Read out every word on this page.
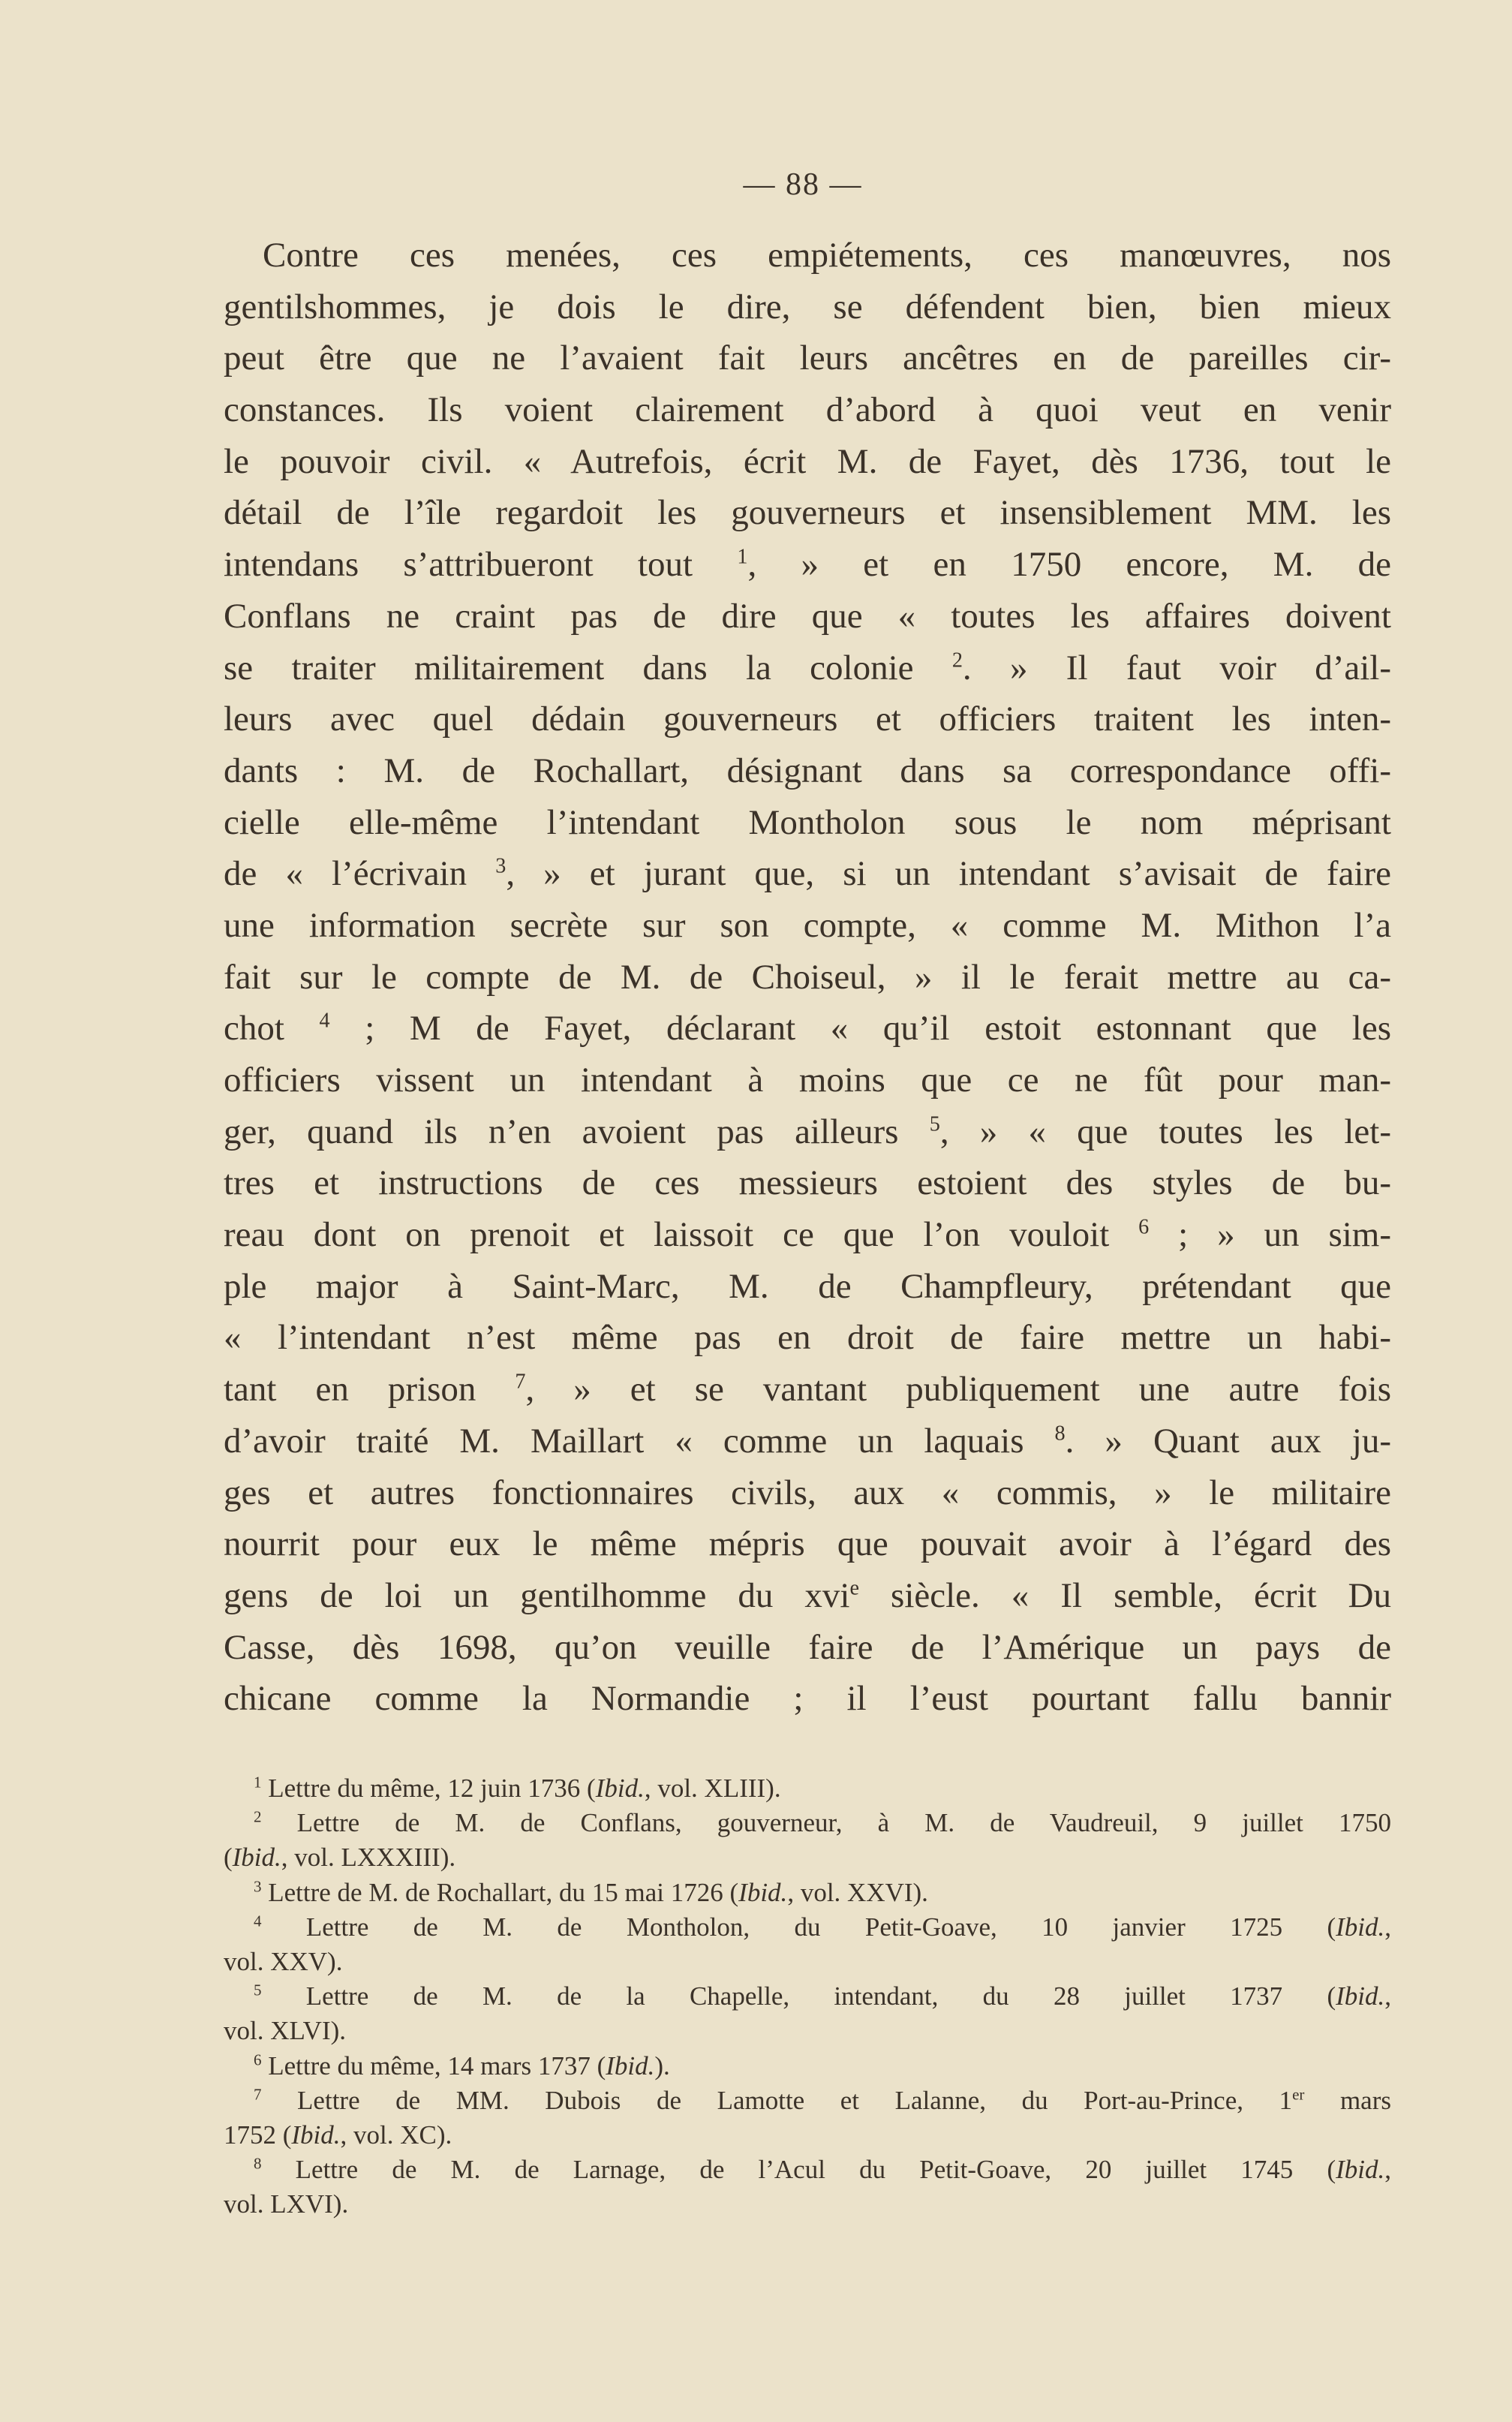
— 88 —
Contre ces menées, ces empiétements, ces manœuvres, nos
gentilshommes, je dois le dire, se défendent bien, bien mieux
peut être que ne l’avaient fait leurs ancêtres en de pareilles cir-
constances. Ils voient clairement d’abord à quoi veut en venir
le pouvoir civil. « Autrefois, écrit M. de Fayet, dès 1736, tout le
détail de l’île regardoit les gouverneurs et insensiblement MM. les
intendans s’attribueront tout $^1$, » et en 1750 encore, M. de
Conflans ne craint pas de dire que « toutes les affaires doivent
se traiter militairement dans la colonie $^2$. » Il faut voir d’ail-
leurs avec quel dédain gouverneurs et officiers traitent les inten-
dants : M. de Rochallart, désignant dans sa correspondance offi-
cielle elle-même l’intendant Montholon sous le nom méprisant
de « l’écrivain $^3$, » et jurant que, si un intendant s’avisait de faire
une information secrète sur son compte, « comme M. Mithon l’a
fait sur le compte de M. de Choiseul, » il le ferait mettre au ca-
chot $^4$ ; M de Fayet, déclarant « qu’il estoit estonnant que les
officiers vissent un intendant à moins que ce ne fût pour man-
ger, quand ils n’en avoient pas ailleurs $^5$, » « que toutes les let-
tres et instructions de ces messieurs estoient des styles de bu-
reau dont on prenoit et laissoit ce que l’on vouloit $^6$ ; » un sim-
ple major à Saint-Marc, M. de Champfleury, prétendant que
« l’intendant n’est même pas en droit de faire mettre un habi-
tant en prison $^7$, » et se vantant publiquement une autre fois
d’avoir traité M. Maillart « comme un laquais $^8$. » Quant aux ju-
ges et autres fonctionnaires civils, aux « commis, » le militaire
nourrit pour eux le même mépris que pouvait avoir à l’égard des
gens de loi un gentilhomme du xvi$^e$ siècle. « Il semble, écrit Du
Casse, dès 1698, qu’on veuille faire de l’Amérique un pays de
chicane comme la Normandie ; il l’eust pourtant fallu bannir
$^1$ Lettre du même, 12 juin 1736 (Ibid., vol. XLIII).
$^2$ Lettre de M. de Conflans, gouverneur, à M. de Vaudreuil, 9 juillet 1750
(Ibid., vol. LXXXIII).
$^3$ Lettre de M. de Rochallart, du 15 mai 1726 (Ibid., vol. XXVI).
$^4$ Lettre de M. de Montholon, du Petit-Goave, 10 janvier 1725 (Ibid.,
vol. XXV).
$^5$ Lettre de M. de la Chapelle, intendant, du 28 juillet 1737 (Ibid.,
vol. XLVI).
$^6$ Lettre du même, 14 mars 1737 (Ibid.).
$^7$ Lettre de MM. Dubois de Lamotte et Lalanne, du Port-au-Prince, 1er mars
1752 (Ibid., vol. XC).
$^8$ Lettre de M. de Larnage, de l’Acul du Petit-Goave, 20 juillet 1745 (Ibid.,
vol. LXVI).
